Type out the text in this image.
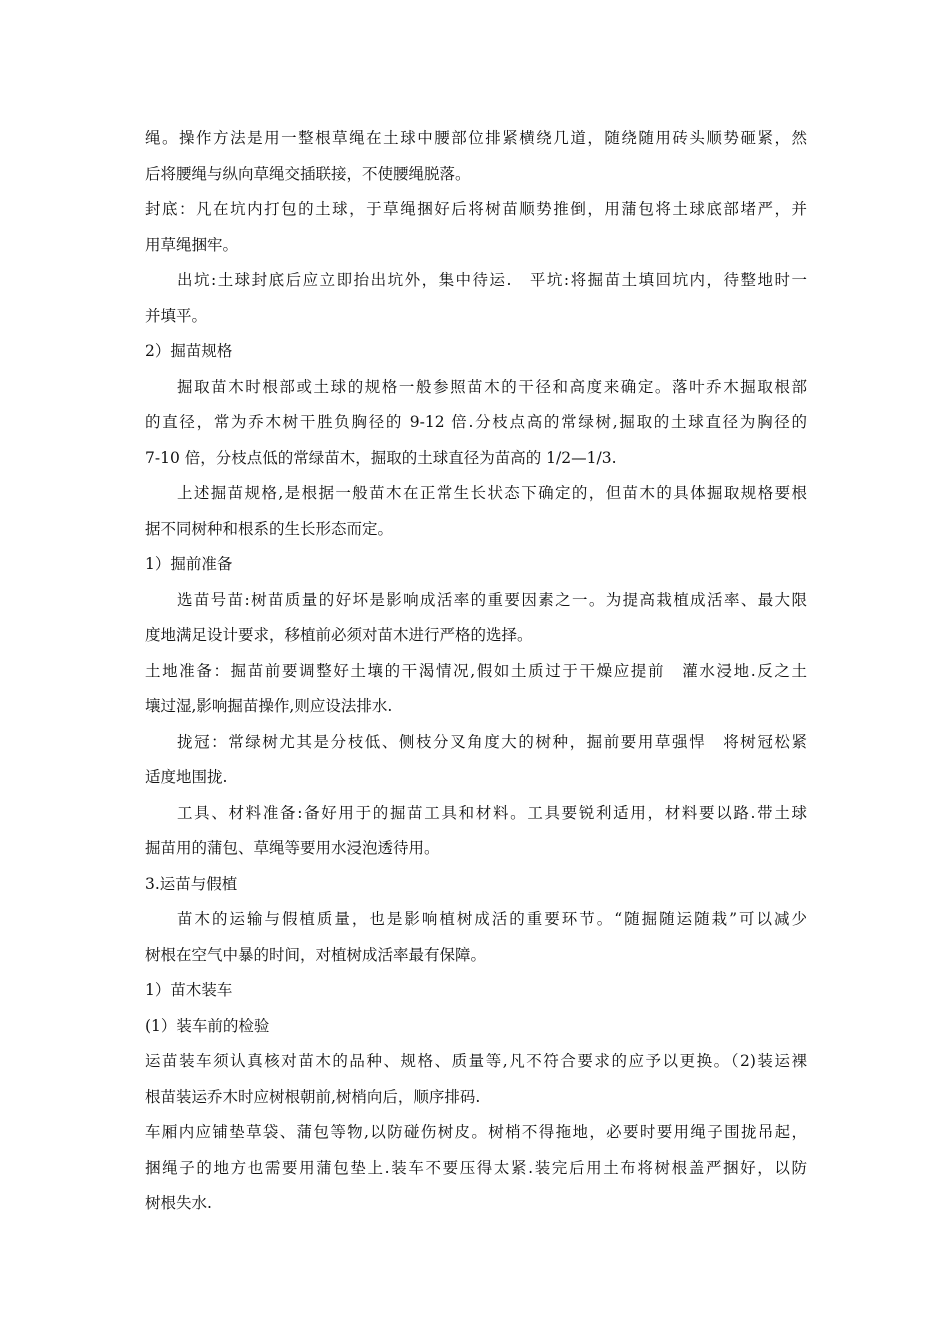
绳。操作方法是用一整根草绳在土球中腰部位排紧横绕几道，随绕随用砖头顺势砸紧，然

后将腰绳与纵向草绳交插联接，不使腰绳脱落。

封底：凡在坑内打包的土球，于草绳捆好后将树苗顺势推倒，用蒲包将土球底部堵严，并

用草绳捆牢。

出坑:土球封底后应立即抬出坑外，集中待运.　平坑:将掘苗土填回坑内，待整地时一

并填平。

2）掘苗规格

掘取苗木时根部或土球的规格一般参照苗木的干径和高度来确定。落叶乔木掘取根部

的直径，常为乔木树干胜负胸径的 9-12 倍.分枝点高的常绿树,掘取的土球直径为胸径的

7-10 倍，分枝点低的常绿苗木，掘取的土球直径为苗高的 1/2—1/3.

上述掘苗规格,是根据一般苗木在正常生长状态下确定的，但苗木的具体掘取规格要根

据不同树种和根系的生长形态而定。

1）掘前准备

选苗号苗:树苗质量的好坏是影响成活率的重要因素之一。为提高栽植成活率、最大限

度地满足设计要求，移植前必须对苗木进行严格的选择。

土地准备：掘苗前要调整好土壤的干渴情况,假如土质过于干燥应提前　灌水浸地.反之土

壤过湿,影响掘苗操作,则应设法排水.

拢冠：常绿树尤其是分枝低、侧枝分叉角度大的树种，掘前要用草强悍　将树冠松紧

适度地围拢.

工具、材料准备:备好用于的掘苗工具和材料。工具要锐利适用，材料要以路.带土球

掘苗用的蒲包、草绳等要用水浸泡透待用。

3.运苗与假植

苗木的运输与假植质量，也是影响植树成活的重要环节。“随掘随运随栽”可以减少

树根在空气中暴的时间，对植树成活率最有保障。

1）苗木装车

(1）装车前的检验

运苗装车须认真核对苗木的品种、规格、质量等,凡不符合要求的应予以更换。（2)装运裸

根苗装运乔木时应树根朝前,树梢向后，顺序排码.

车厢内应铺垫草袋、蒲包等物,以防碰伤树皮。树梢不得拖地，必要时要用绳子围拢吊起，

捆绳子的地方也需要用蒲包垫上.装车不要压得太紧.装完后用土布将树根盖严捆好，以防

树根失水.
